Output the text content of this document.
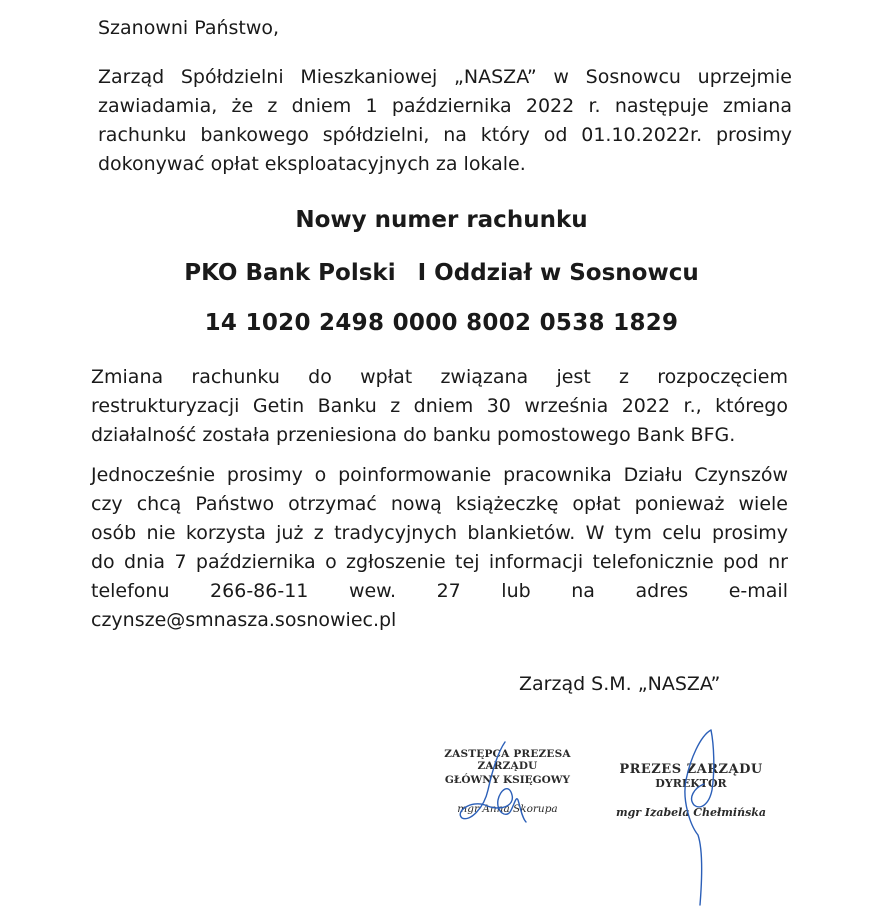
Szanowni Państwo,

Zarząd Spółdzielni Mieszkaniowej „NASZA” w Sosnowcu uprzejmie
zawiadamia, że z dniem 1 października 2022 r. następuje zmiana
rachunku bankowego spółdzielni, na który od 01.10.2022r. prosimy
dokonywać opłat eksploatacyjnych za lokale.
Nowy numer rachunku
PKO Bank Polski I Oddział w Sosnowcu
14 1020 2498 0000 8002 0538 1829
Zmiana rachunku do wpłat związana jest z rozpoczęciem
restrukturyzacji Getin Banku z dniem 30 września 2022 r., którego
działalność została przeniesiona do banku pomostowego Bank BFG.
Jednocześnie prosimy o poinformowanie pracownika Działu Czynszów
czy chcą Państwo otrzymać nową książeczkę opłat ponieważ wiele
osób nie korzysta już z tradycyjnych blankietów. W tym celu prosimy
do dnia 7 października o zgłoszenie tej informacji telefonicznie pod nr
telefonu 266-86-11 wew. 27 lub na adres e-mail
czynsze@smnasza.sosnowiec.pl
Zarząd S.M. „NASZA”
ZASTĘPCA PREZESA ZARZĄDU
GŁÓWNY KSIĘGOWY
mgr Anna Skorupa
PREZES ZARZĄDU
DYREKTOR
mgr Izabela Chełmińska
